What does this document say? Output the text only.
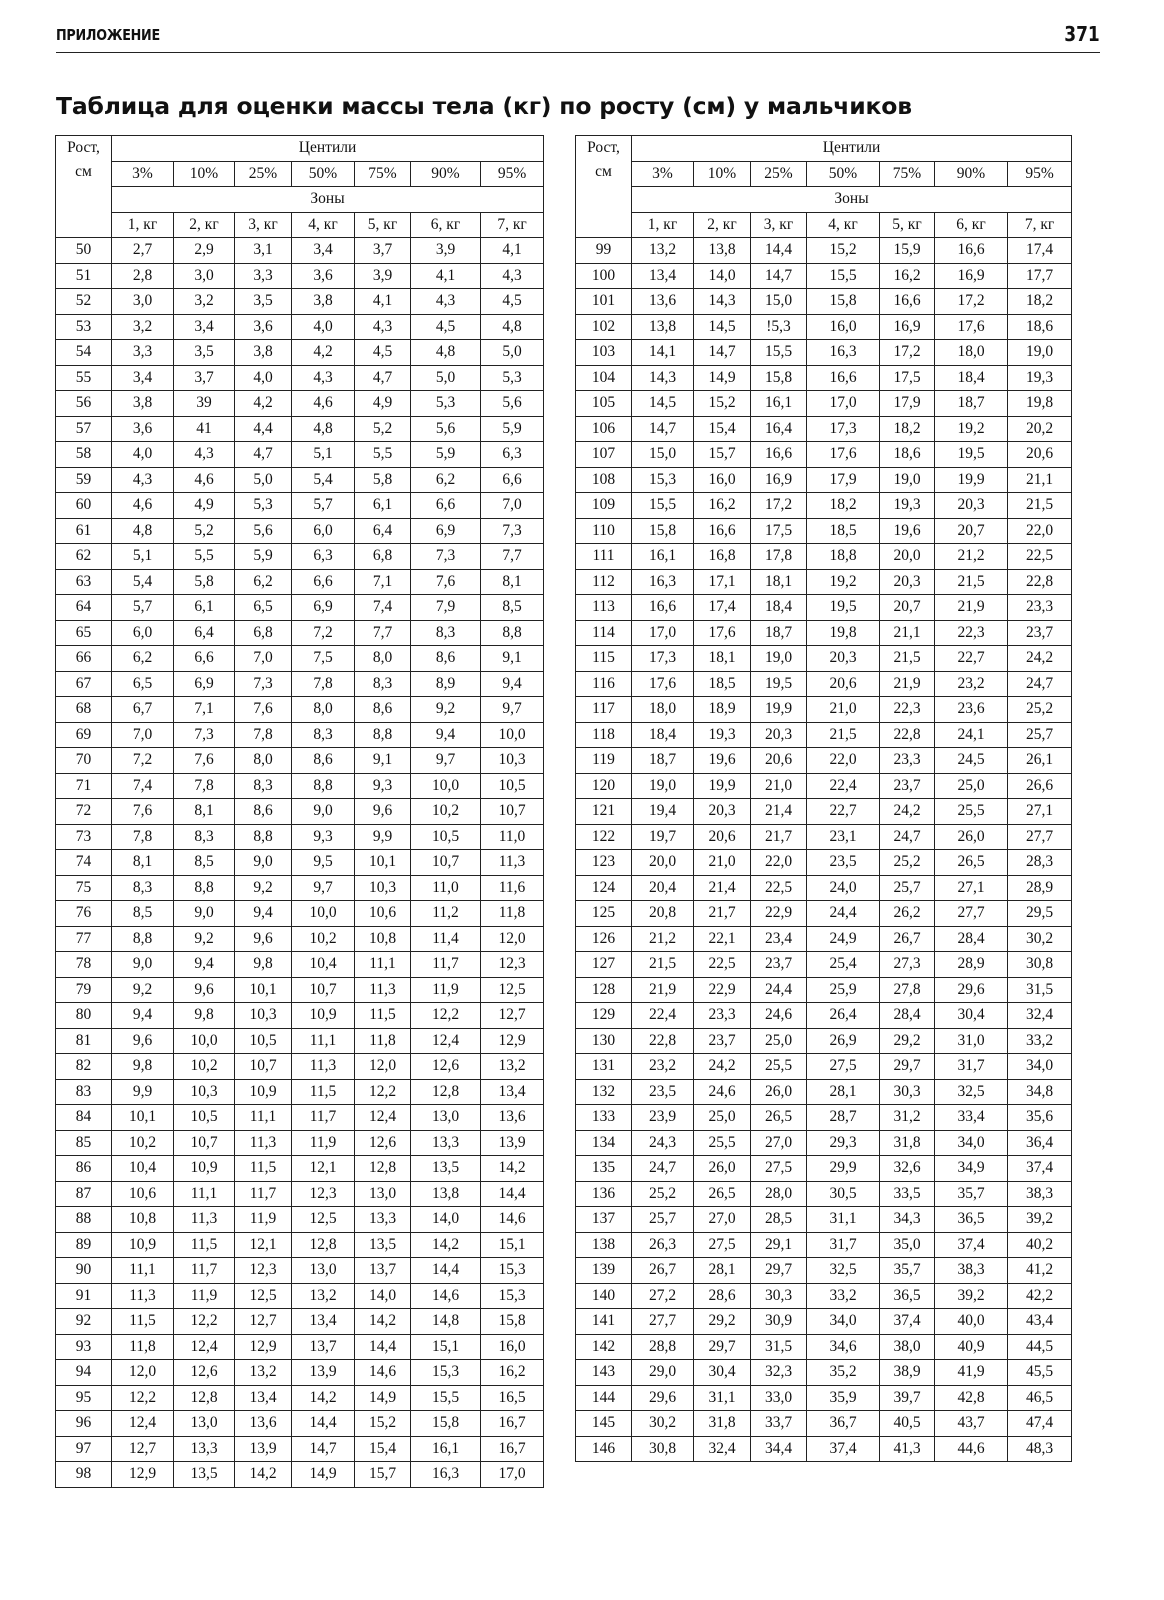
ПРИЛОЖЕНИЕ	371
Таблица для оценки массы тела (кг) по росту (см) у мальчиков
Рост,
см	Центили						
	3%	10%	25%	50%	75%	90%	95%
	Зоны						
	1, кг	2, кг	3, кг	4, кг	5, кг	6, кг	7, кг
50	2,7	2,9	3,1	3,4	3,7	3,9	4,1
51	2,8	3,0	3,3	3,6	3,9	4,1	4,3
52	3,0	3,2	3,5	3,8	4,1	4,3	4,5
53	3,2	3,4	3,6	4,0	4,3	4,5	4,8
54	3,3	3,5	3,8	4,2	4,5	4,8	5,0
55	3,4	3,7	4,0	4,3	4,7	5,0	5,3
56	3,8	39	4,2	4,6	4,9	5,3	5,6
57	3,6	41	4,4	4,8	5,2	5,6	5,9
58	4,0	4,3	4,7	5,1	5,5	5,9	6,3
59	4,3	4,6	5,0	5,4	5,8	6,2	6,6
60	4,6	4,9	5,3	5,7	6,1	6,6	7,0
61	4,8	5,2	5,6	6,0	6,4	6,9	7,3
62	5,1	5,5	5,9	6,3	6,8	7,3	7,7
63	5,4	5,8	6,2	6,6	7,1	7,6	8,1
64	5,7	6,1	6,5	6,9	7,4	7,9	8,5
65	6,0	6,4	6,8	7,2	7,7	8,3	8,8
66	6,2	6,6	7,0	7,5	8,0	8,6	9,1
67	6,5	6,9	7,3	7,8	8,3	8,9	9,4
68	6,7	7,1	7,6	8,0	8,6	9,2	9,7
69	7,0	7,3	7,8	8,3	8,8	9,4	10,0
70	7,2	7,6	8,0	8,6	9,1	9,7	10,3
71	7,4	7,8	8,3	8,8	9,3	10,0	10,5
72	7,6	8,1	8,6	9,0	9,6	10,2	10,7
73	7,8	8,3	8,8	9,3	9,9	10,5	11,0
74	8,1	8,5	9,0	9,5	10,1	10,7	11,3
75	8,3	8,8	9,2	9,7	10,3	11,0	11,6
76	8,5	9,0	9,4	10,0	10,6	11,2	11,8
77	8,8	9,2	9,6	10,2	10,8	11,4	12,0
78	9,0	9,4	9,8	10,4	11,1	11,7	12,3
79	9,2	9,6	10,1	10,7	11,3	11,9	12,5
80	9,4	9,8	10,3	10,9	11,5	12,2	12,7
81	9,6	10,0	10,5	11,1	11,8	12,4	12,9
82	9,8	10,2	10,7	11,3	12,0	12,6	13,2
83	9,9	10,3	10,9	11,5	12,2	12,8	13,4
84	10,1	10,5	11,1	11,7	12,4	13,0	13,6
85	10,2	10,7	11,3	11,9	12,6	13,3	13,9
86	10,4	10,9	11,5	12,1	12,8	13,5	14,2
87	10,6	11,1	11,7	12,3	13,0	13,8	14,4
88	10,8	11,3	11,9	12,5	13,3	14,0	14,6
89	10,9	11,5	12,1	12,8	13,5	14,2	15,1
90	11,1	11,7	12,3	13,0	13,7	14,4	15,3
91	11,3	11,9	12,5	13,2	14,0	14,6	15,3
92	11,5	12,2	12,7	13,4	14,2	14,8	15,8
93	11,8	12,4	12,9	13,7	14,4	15,1	16,0
94	12,0	12,6	13,2	13,9	14,6	15,3	16,2
95	12,2	12,8	13,4	14,2	14,9	15,5	16,5
96	12,4	13,0	13,6	14,4	15,2	15,8	16,7
97	12,7	13,3	13,9	14,7	15,4	16,1	16,7
98	12,9	13,5	14,2	14,9	15,7	16,3	17,0
Рост,
см	Центили						
	3%	10%	25%	50%	75%	90%	95%
	Зоны						
	1, кг	2, кг	3, кг	4, кг	5, кг	6, кг	7, кг
99	13,2	13,8	14,4	15,2	15,9	16,6	17,4
100	13,4	14,0	14,7	15,5	16,2	16,9	17,7
101	13,6	14,3	15,0	15,8	16,6	17,2	18,2
102	13,8	14,5	!5,3	16,0	16,9	17,6	18,6
103	14,1	14,7	15,5	16,3	17,2	18,0	19,0
104	14,3	14,9	15,8	16,6	17,5	18,4	19,3
105	14,5	15,2	16,1	17,0	17,9	18,7	19,8
106	14,7	15,4	16,4	17,3	18,2	19,2	20,2
107	15,0	15,7	16,6	17,6	18,6	19,5	20,6
108	15,3	16,0	16,9	17,9	19,0	19,9	21,1
109	15,5	16,2	17,2	18,2	19,3	20,3	21,5
110	15,8	16,6	17,5	18,5	19,6	20,7	22,0
111	16,1	16,8	17,8	18,8	20,0	21,2	22,5
112	16,3	17,1	18,1	19,2	20,3	21,5	22,8
113	16,6	17,4	18,4	19,5	20,7	21,9	23,3
114	17,0	17,6	18,7	19,8	21,1	22,3	23,7
115	17,3	18,1	19,0	20,3	21,5	22,7	24,2
116	17,6	18,5	19,5	20,6	21,9	23,2	24,7
117	18,0	18,9	19,9	21,0	22,3	23,6	25,2
118	18,4	19,3	20,3	21,5	22,8	24,1	25,7
119	18,7	19,6	20,6	22,0	23,3	24,5	26,1
120	19,0	19,9	21,0	22,4	23,7	25,0	26,6
121	19,4	20,3	21,4	22,7	24,2	25,5	27,1
122	19,7	20,6	21,7	23,1	24,7	26,0	27,7
123	20,0	21,0	22,0	23,5	25,2	26,5	28,3
124	20,4	21,4	22,5	24,0	25,7	27,1	28,9
125	20,8	21,7	22,9	24,4	26,2	27,7	29,5
126	21,2	22,1	23,4	24,9	26,7	28,4	30,2
127	21,5	22,5	23,7	25,4	27,3	28,9	30,8
128	21,9	22,9	24,4	25,9	27,8	29,6	31,5
129	22,4	23,3	24,6	26,4	28,4	30,4	32,4
130	22,8	23,7	25,0	26,9	29,2	31,0	33,2
131	23,2	24,2	25,5	27,5	29,7	31,7	34,0
132	23,5	24,6	26,0	28,1	30,3	32,5	34,8
133	23,9	25,0	26,5	28,7	31,2	33,4	35,6
134	24,3	25,5	27,0	29,3	31,8	34,0	36,4
135	24,7	26,0	27,5	29,9	32,6	34,9	37,4
136	25,2	26,5	28,0	30,5	33,5	35,7	38,3
137	25,7	27,0	28,5	31,1	34,3	36,5	39,2
138	26,3	27,5	29,1	31,7	35,0	37,4	40,2
139	26,7	28,1	29,7	32,5	35,7	38,3	41,2
140	27,2	28,6	30,3	33,2	36,5	39,2	42,2
141	27,7	29,2	30,9	34,0	37,4	40,0	43,4
142	28,8	29,7	31,5	34,6	38,0	40,9	44,5
143	29,0	30,4	32,3	35,2	38,9	41,9	45,5
144	29,6	31,1	33,0	35,9	39,7	42,8	46,5
145	30,2	31,8	33,7	36,7	40,5	43,7	47,4
146	30,8	32,4	34,4	37,4	41,3	44,6	48,3
